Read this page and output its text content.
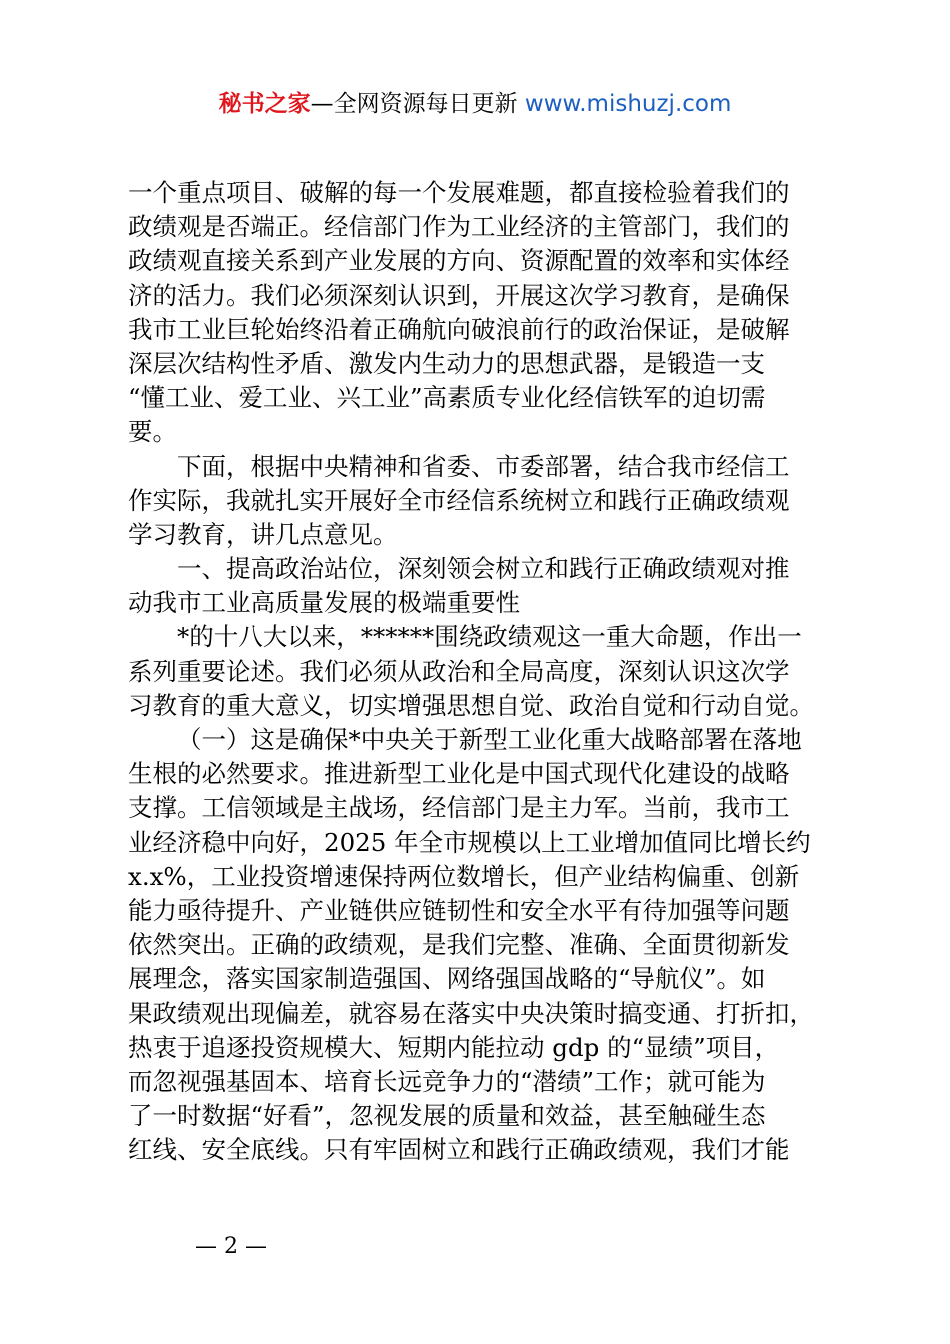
秘书之家—全网资源每日更新 www.mishuzj.com
一个重点项目、破解的每一个发展难题，都直接检验着我们的
政绩观是否端正。经信部门作为工业经济的主管部门，我们的
政绩观直接关系到产业发展的方向、资源配置的效率和实体经
济的活力。我们必须深刻认识到，开展这次学习教育，是确保
我市工业巨轮始终沿着正确航向破浪前行的政治保证，是破解
深层次结构性矛盾、激发内生动力的思想武器，是锻造一支
“懂工业、爱工业、兴工业”高素质专业化经信铁军的迫切需
要。
下面，根据中央精神和省委、市委部署，结合我市经信工
作实际，我就扎实开展好全市经信系统树立和践行正确政绩观
学习教育，讲几点意见。
一、提高政治站位，深刻领会树立和践行正确政绩观对推
动我市工业高质量发展的极端重要性
*的十八大以来，******围绕政绩观这一重大命题，作出一
系列重要论述。我们必须从政治和全局高度，深刻认识这次学
习教育的重大意义，切实增强思想自觉、政治自觉和行动自觉。
（一）这是确保*中央关于新型工业化重大战略部署在落地
生根的必然要求。推进新型工业化是中国式现代化建设的战略
支撑。工信领域是主战场，经信部门是主力军。当前，我市工
业经济稳中向好，2025 年全市规模以上工业增加值同比增长约
x.x%，工业投资增速保持两位数增长，但产业结构偏重、创新
能力亟待提升、产业链供应链韧性和安全水平有待加强等问题
依然突出。正确的政绩观，是我们完整、准确、全面贯彻新发
展理念，落实国家制造强国、网络强国战略的“导航仪”。如
果政绩观出现偏差，就容易在落实中央决策时搞变通、打折扣，
热衷于追逐投资规模大、短期内能拉动 gdp 的“显绩”项目，
而忽视强基固本、培育长远竞争力的“潜绩”工作；就可能为
了一时数据“好看”，忽视发展的质量和效益，甚至触碰生态
红线、安全底线。只有牢固树立和践行正确政绩观，我们才能
— 2 —
